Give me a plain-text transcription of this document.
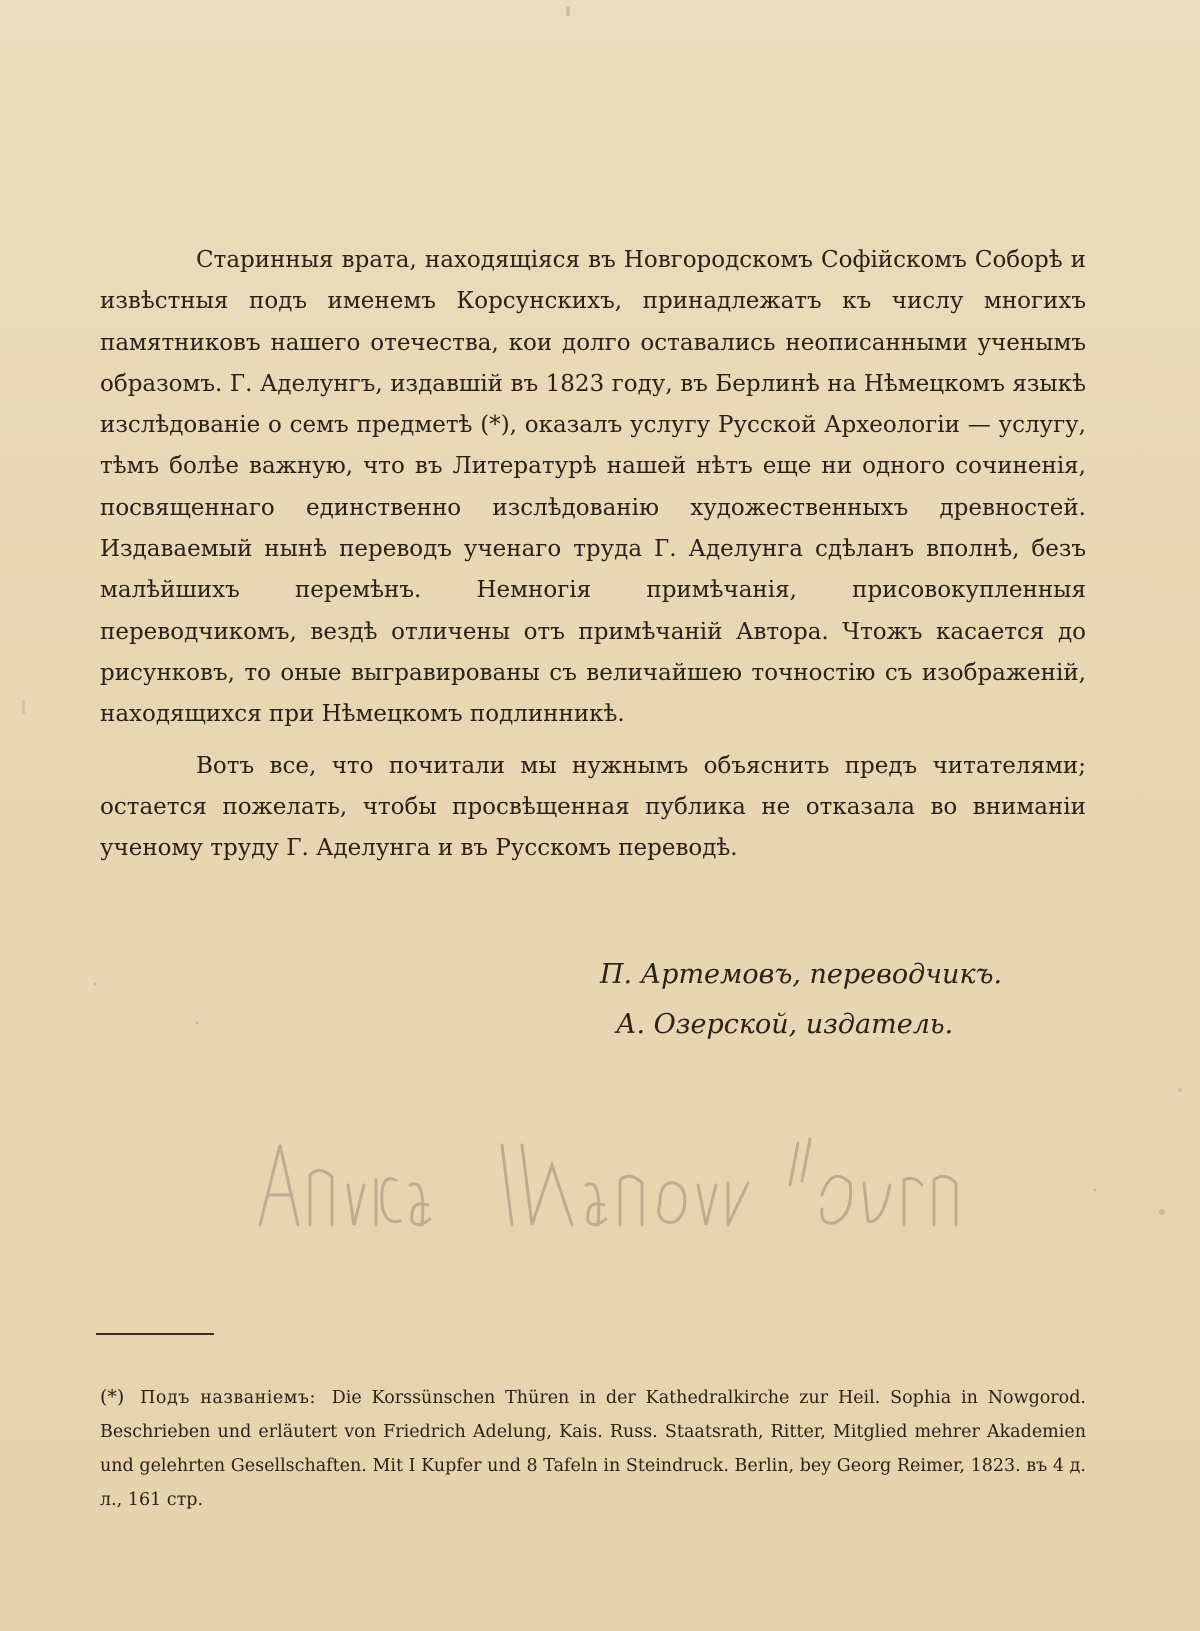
Старинныя врата, находящіяся въ Новгородскомъ Софійскомъ Соборѣ и извѣстныя подъ именемъ Корсунскихъ, принадлежатъ къ числу многихъ памятниковъ нашего отечества, кои долго оставались неописанными ученымъ образомъ. Г. Аделунгъ, издавшій въ 1823 году, въ Берлинѣ на Нѣмецкомъ языкѣ изслѣдованіе о семъ предметѣ (*), оказалъ услугу Русской Археологіи — услугу, тѣмъ болѣе важную, что въ Литературѣ нашей нѣтъ еще ни одного сочиненія, посвященнаго единственно изслѣдованію художественныхъ древностей. Издаваемый нынѣ переводъ ученаго труда Г. Аделунга сдѣланъ вполнѣ, безъ малѣйшихъ перемѣнъ. Немногія примѣчанія, присовокупленныя переводчикомъ, вездѣ отличены отъ примѣчаній Автора. Чтожъ касается до рисунковъ, то оные выгравированы съ величайшею точностію съ изображеній, находящихся при Нѣмецкомъ подлинникѣ.

Вотъ все, что почитали мы нужнымъ объяснить предъ читателями; остается пожелать, чтобы просвѣщенная публика не отказала во вниманіи ученому труду Г. Аделунга и въ Русскомъ переводѣ.

П. Артемовъ, переводчикъ.
А. Озерской, издатель.
(*) Подъ названіемъ: Die Korssünschen Thüren in der Kathedralkirche zur Heil. Sophia in Nowgorod. Beschrieben und erläutert von Friedrich Adelung, Kais. Russ. Staatsrath, Ritter, Mitglied mehrer Akademien und gelehrten Gesellschaften. Mit I Kupfer und 8 Tafeln in Steindruck. Berlin, bey Georg Reimer, 1823. въ 4 д. л., 161 стр.
